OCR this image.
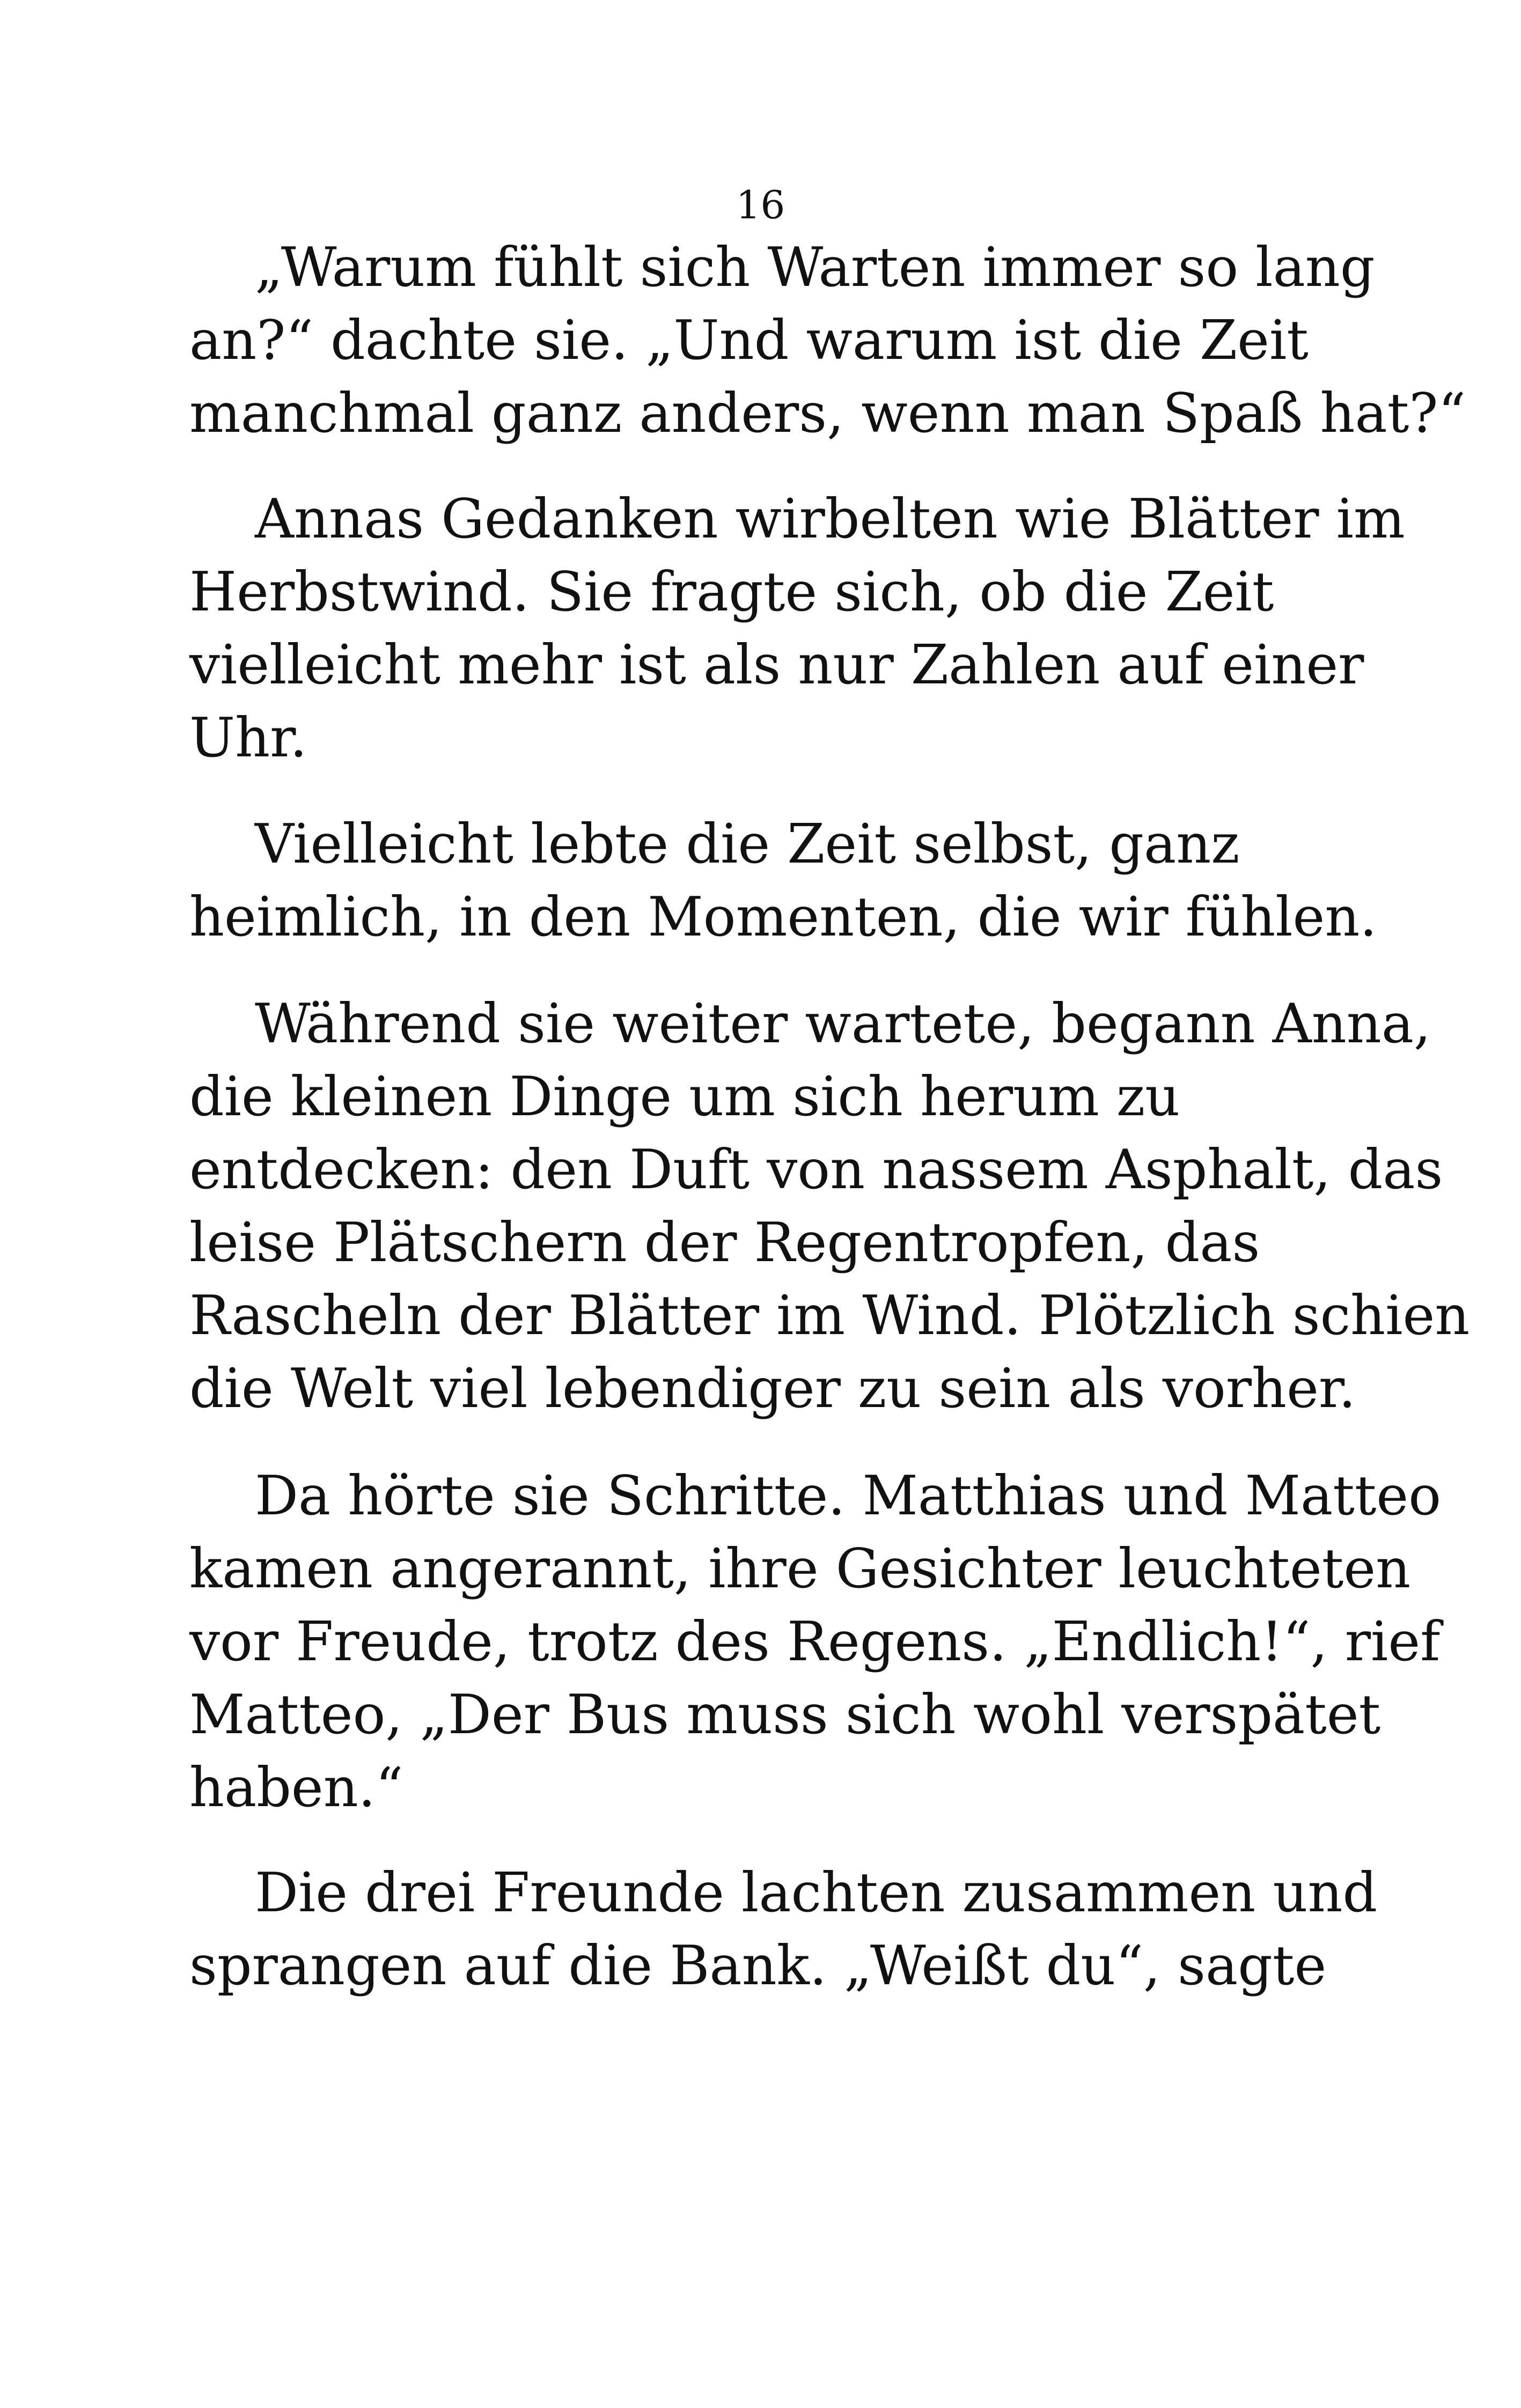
16
„Warum fühlt sich Warten immer so lang
an?“ dachte sie. „Und warum ist die Zeit
manchmal ganz anders, wenn man Spaß hat?“
Annas Gedanken wirbelten wie Blätter im
Herbstwind. Sie fragte sich, ob die Zeit
vielleicht mehr ist als nur Zahlen auf einer
Uhr.
Vielleicht lebte die Zeit selbst, ganz
heimlich, in den Momenten, die wir fühlen.
Während sie weiter wartete, begann Anna,
die kleinen Dinge um sich herum zu
entdecken: den Duft von nassem Asphalt, das
leise Plätschern der Regentropfen, das
Rascheln der Blätter im Wind. Plötzlich schien
die Welt viel lebendiger zu sein als vorher.
Da hörte sie Schritte. Matthias und Matteo
kamen angerannt, ihre Gesichter leuchteten
vor Freude, trotz des Regens. „Endlich!“, rief
Matteo, „Der Bus muss sich wohl verspätet
haben.“
Die drei Freunde lachten zusammen und
sprangen auf die Bank. „Weißt du“, sagte
